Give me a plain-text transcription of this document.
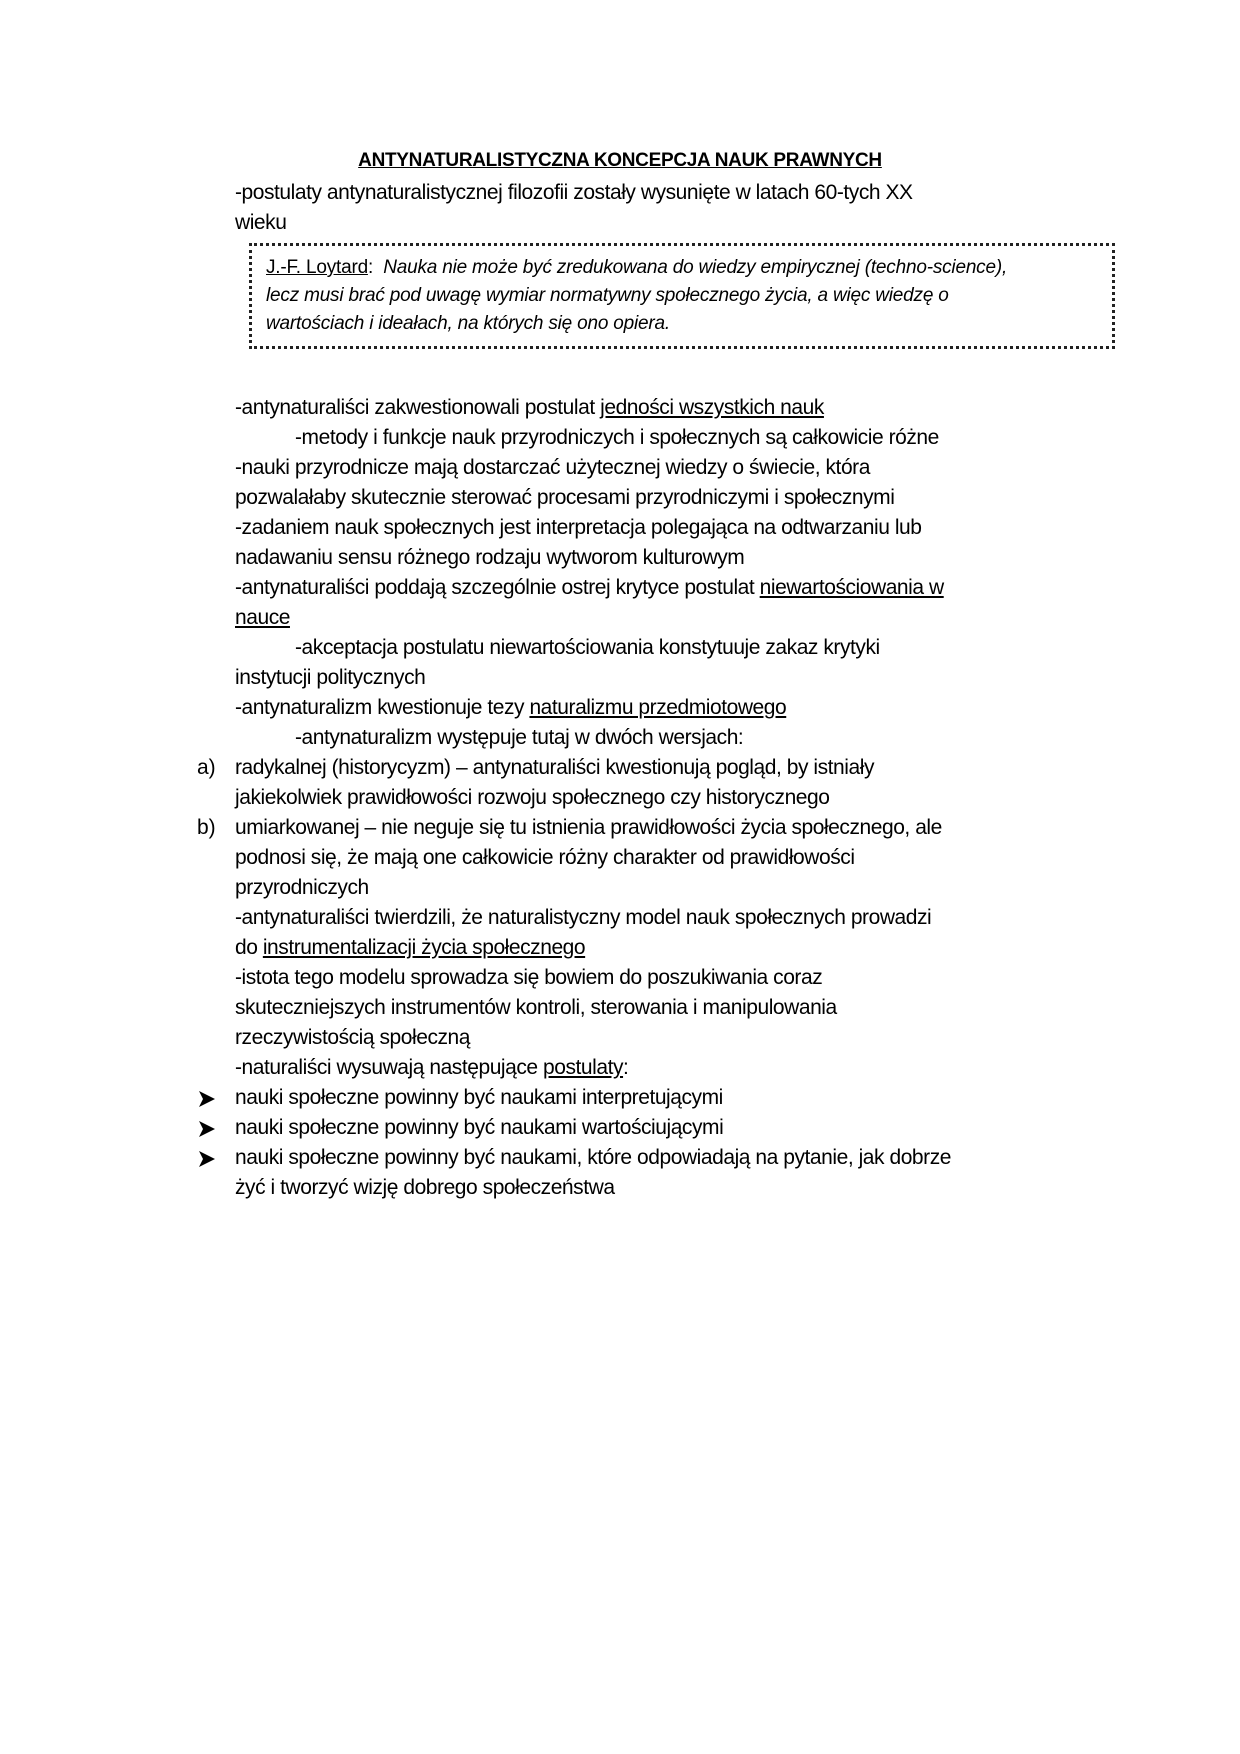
ANTYNATURALISTYCZNA KONCEPCJA NAUK PRAWNYCH
-postulaty antynaturalistycznej filozofii zostały wysunięte w latach 60-tych XX
wieku
J.-F. Loytard: Nauka nie może być zredukowana do wiedzy empirycznej (techno-science),
lecz musi brać pod uwagę wymiar normatywny społecznego życia, a więc wiedzę o
wartościach i ideałach, na których się ono opiera.
-antynaturaliści zakwestionowali postulat jedności wszystkich nauk
-metody i funkcje nauk przyrodniczych i społecznych są całkowicie różne
-nauki przyrodnicze mają dostarczać użytecznej wiedzy o świecie, która
pozwalałaby skutecznie sterować procesami przyrodniczymi i społecznymi
-zadaniem nauk społecznych jest interpretacja polegająca na odtwarzaniu lub
nadawaniu sensu różnego rodzaju wytworom kulturowym
-antynaturaliści poddają szczególnie ostrej krytyce postulat niewartościowania w
nauce
-akceptacja postulatu niewartościowania konstytuuje zakaz krytyki
instytucji politycznych
-antynaturalizm kwestionuje tezy naturalizmu przedmiotowego
-antynaturalizm występuje tutaj w dwóch wersjach:
a) radykalnej (historycyzm) – antynaturaliści kwestionują pogląd, by istniały
jakiekolwiek prawidłowości rozwoju społecznego czy historycznego
b) umiarkowanej – nie neguje się tu istnienia prawidłowości życia społecznego, ale
podnosi się, że mają one całkowicie różny charakter od prawidłowości
przyrodniczych
-antynaturaliści twierdzili, że naturalistyczny model nauk społecznych prowadzi
do instrumentalizacji życia społecznego
-istota tego modelu sprowadza się bowiem do poszukiwania coraz
skuteczniejszych instrumentów kontroli, sterowania i manipulowania
rzeczywistością społeczną
-naturaliści wysuwają następujące postulaty:
nauki społeczne powinny być naukami interpretującymi
nauki społeczne powinny być naukami wartościującymi
nauki społeczne powinny być naukami, które odpowiadają na pytanie, jak dobrze
żyć i tworzyć wizję dobrego społeczeństwa
